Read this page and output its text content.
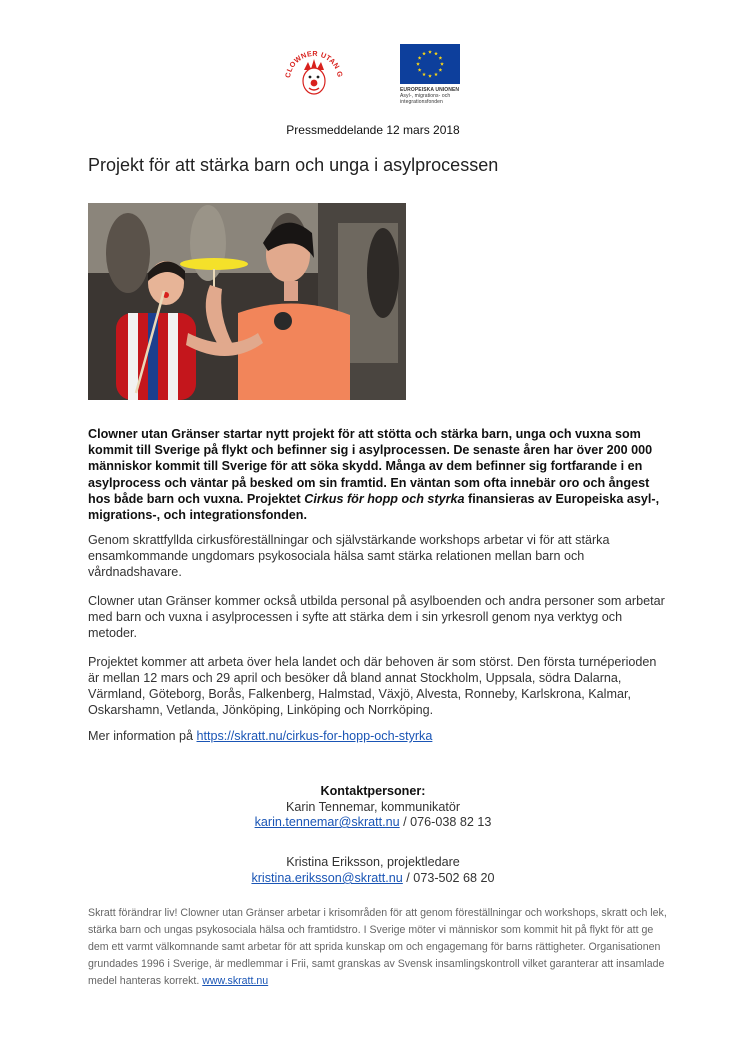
CLOWNER UTAN G
EUROPEISKA UNIONEN
Asyl-, migrations- och
integrationsfonden
Pressmeddelande 12 mars 2018
Projekt för att stärka barn och unga i asylprocessen

Clowner utan Gränser startar nytt projekt för att stötta och stärka barn, unga och vuxna som kommit till Sverige på flykt och befinner sig i asylprocessen. De senaste åren har över 200 000 människor kommit till Sverige för att söka skydd. Många av dem befinner sig fortfarande i en asylprocess och väntar på besked om sin framtid. En väntan som ofta innebär oro och ångest hos både barn och vuxna. Projektet Cirkus för hopp och styrka finansieras av Europeiska asyl-, migrations-, och integrationsfonden.

Genom skrattfyllda cirkusföreställningar och självstärkande workshops arbetar vi för att stärka ensamkommande ungdomars psykosociala hälsa samt stärka relationen mellan barn och vårdnadshavare.

Clowner utan Gränser kommer också utbilda personal på asylboenden och andra personer som arbetar med barn och vuxna i asylprocessen i syfte att stärka dem i sin yrkesroll genom nya verktyg och metoder.

Projektet kommer att arbeta över hela landet och där behoven är som störst. Den första turnéperioden är mellan 12 mars och 29 april och besöker då bland annat Stockholm, Uppsala, södra Dalarna, Värmland, Göteborg, Borås, Falkenberg, Halmstad, Växjö, Alvesta, Ronneby, Karlskrona, Kalmar, Oskarshamn, Vetlanda, Jönköping, Linköping och Norrköping.

Mer information på https://skratt.nu/cirkus-for-hopp-och-styrka

Kontaktpersoner:
Karin Tennemar, kommunikatör
karin.tennemar@skratt.nu / 076-038 82 13
Kristina Eriksson, projektledare
kristina.eriksson@skratt.nu / 073-502 68 20

Skratt förändrar liv! Clowner utan Gränser arbetar i krisområden för att genom föreställningar och workshops, skratt och lek, stärka barn och ungas psykosociala hälsa och framtidstro. I Sverige möter vi människor som kommit hit på flykt för att ge dem ett varmt välkomnande samt arbetar för att sprida kunskap om och engagemang för barns rättigheter. Organisationen grundades 1996 i Sverige, är medlemmar i Frii, samt granskas av Svensk insamlingskontroll vilket garanterar att insamlade medel hanteras korrekt. www.skratt.nu
